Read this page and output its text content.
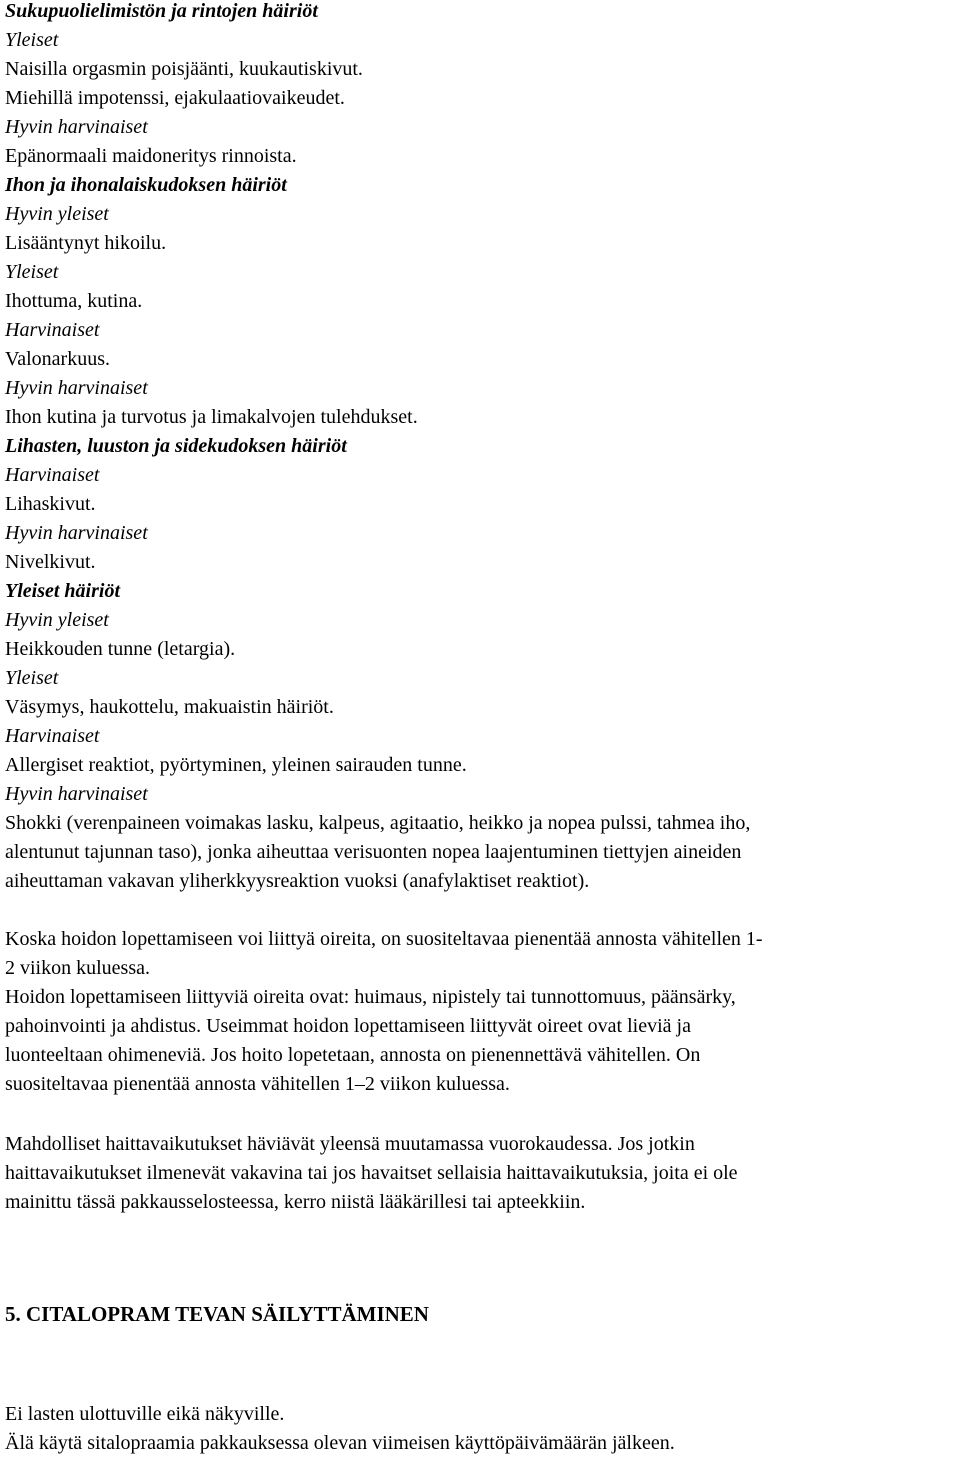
Sukupuolielimistön ja rintojen häiriöt
Yleiset
Naisilla orgasmin poisjäänti, kuukautiskivut.
Miehillä impotenssi, ejakulaatiovaikeudet.
Hyvin harvinaiset
Epänormaali maidoneritys rinnoista.
Ihon ja ihonalaiskudoksen häiriöt
Hyvin yleiset
Lisääntynyt hikoilu.
Yleiset
Ihottuma, kutina.
Harvinaiset
Valonarkuus.
Hyvin harvinaiset
Ihon kutina ja turvotus ja limakalvojen tulehdukset.
Lihasten, luuston ja sidekudoksen häiriöt
Harvinaiset
Lihaskivut.
Hyvin harvinaiset
Nivelkivut.
Yleiset häiriöt
Hyvin yleiset
Heikkouden tunne (letargia).
Yleiset
Väsymys, haukottelu, makuaistin häiriöt.
Harvinaiset
Allergiset reaktiot, pyörtyminen, yleinen sairauden tunne.
Hyvin harvinaiset
Shokki (verenpaineen voimakas lasku, kalpeus, agitaatio, heikko ja nopea pulssi, tahmea iho,
alentunut tajunnan taso), jonka aiheuttaa verisuonten nopea laajentuminen tiettyjen aineiden
aiheuttaman vakavan yliherkkyysreaktion vuoksi (anafylaktiset reaktiot).
Koska hoidon lopettamiseen voi liittyä oireita, on suositeltavaa pienentää annosta vähitellen 1-
2 viikon kuluessa.
Hoidon lopettamiseen liittyviä oireita ovat: huimaus, nipistely tai tunnottomuus, päänsärky,
pahoinvointi ja ahdistus. Useimmat hoidon lopettamiseen liittyvät oireet ovat lieviä ja
luonteeltaan ohimeneviä. Jos hoito lopetetaan, annosta on pienennettävä vähitellen. On
suositeltavaa pienentää annosta vähitellen 1–2 viikon kuluessa.
Mahdolliset haittavaikutukset häviävät yleensä muutamassa vuorokaudessa. Jos jotkin
haittavaikutukset ilmenevät vakavina tai jos havaitset sellaisia haittavaikutuksia, joita ei ole
mainittu tässä pakkausselosteessa, kerro niistä lääkärillesi tai apteekkiin.
5. CITALOPRAM TEVAN SÄILYTTÄMINEN
Ei lasten ulottuville eikä näkyville.
Älä käytä sitalopraamia pakkauksessa olevan viimeisen käyttöpäivämäärän jälkeen.
